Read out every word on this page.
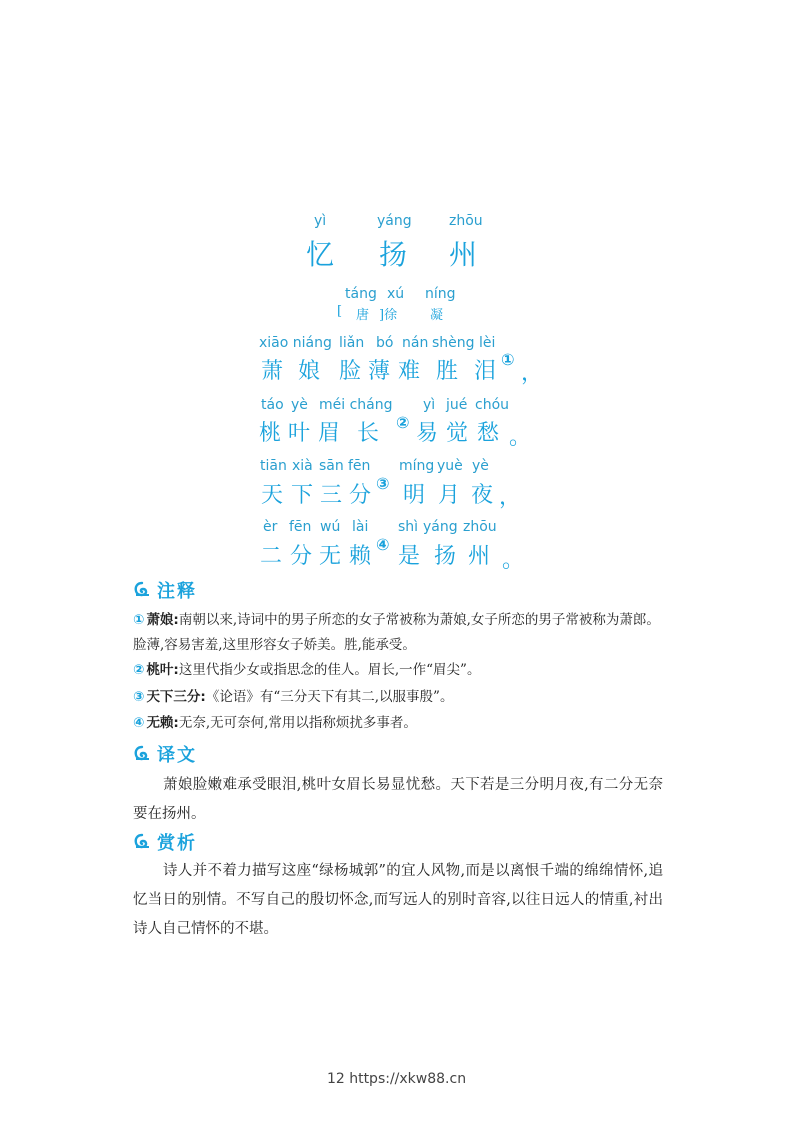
yì	yáng	zhōu
忆 扬 州
táng xú níng
[ 唐 ]徐	凝
xiāo niáng liǎn bó nán shèng lèi
萧 娘 脸 薄 难 胜 泪 ①
，
táo yè méi cháng yì jué chóu
桃 叶 眉 长 ② 易 觉 愁 。
tiān xià sān fēn míng yuè yè
天 下 三 分 ③ 明 月 夜 ，
èr fēn wú lài shì yáng zhōu
二 分 无 赖 ④ 是 扬 州 。
注释
① 萧娘:南朝以来,诗词中的男子所恋的女子常被称为萧娘,女子所恋的男子常被称为萧郎。脸薄,容易害羞,这里形容女子娇美。胜,能承受。
② 桃叶:这里代指少女或指思念的佳人。眉长,一作“眉尖”。
③ 天下三分:《论语》有“三分天下有其二,以服事殷”。
④ 无赖:无奈,无可奈何,常用以指称烦扰多事者。
译文
萧娘脸嫩难承受眼泪,桃叶女眉长易显忧愁。天下若是三分明月夜,有二分无奈要在扬州。
赏析
诗人并不着力描写这座“绿杨城郭”的宜人风物,而是以离恨千端的绵绵情怀,追忆当日的别情。不写自己的殷切怀念,而写远人的别时音容,以往日远人的情重,衬出诗人自己情怀的不堪。
12 https://xkw88.cn
